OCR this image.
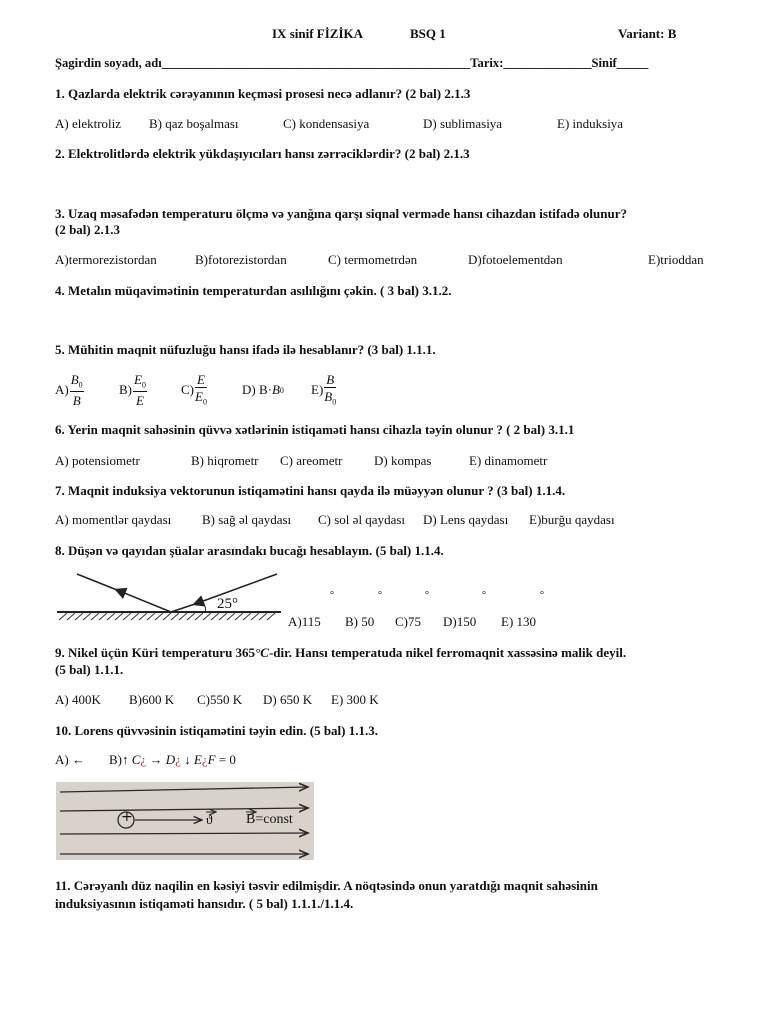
IX sinif FİZİKA	BSQ 1	Variant: B
Şagirdin soyadı, adı_________________________________________________Tarix:______________Sinif_____
1. Qazlarda elektrik cərəyanının keçməsi prosesi necə adlanır? (2 bal) 2.1.3
A) elektroliz B) qaz boşalması	C) kondensasiya	D) sublimasiya	E) induksiya
2. Elektrolitlərdə elektrik yükdaşıyıcıları hansı zərrəciklərdir? (2 bal) 2.1.3
3. Uzaq məsafədən temperaturu ölçmə və yanğına qarşı siqnal verməde hansı cihazdan istifadə olunur?
(2 bal) 2.1.3
A)termorezistordan	B)fotorezistordan	C) termometrdən	D)fotoelementdən	E)trioddan
4. Metalın müqavimətinin temperaturdan asılılığını çəkin. ( 3 bal) 3.1.2.
5. Mühitin maqnit nüfuzluğu hansı ifadə ilə hesablanır? (3 bal) 1.1.1.
$A) \frac{B_0}{B}$	$B) \frac{E_0}{E}$	$C) \frac{E}{E_0}$	D) B· B 0 $E) \frac{B}{B_0}$
6. Yerin maqnit sahəsinin qüvvə xətlərinin istiqaməti hansı cihazla təyin olunur ? ( 2 bal) 3.1.1
A) potensiometr	B) hiqrometr C) areometr D) kompas	E) dinamometr
7. Maqnit induksiya vektorunun istiqamətini hansı qayda ilə müəyyən olunur ? (3 bal) 1.1.4.
A) momentlər qaydası B) sağ əl qaydası C) sol əl qaydası D) Lens qaydası E)burğu qaydası
8. Düşən və qayıdan şüalar arasındakı bucağı hesablayın. (5 bal) 1.1.4.
25°
°	°	°	°	°
A)115 B) 50 C)75 D)150 E) 130
9. Nikel üçün Küri temperaturu 365°C-dir. Hansı temperatuda nikel ferromaqnit xassəsinə malik deyil.
(5 bal) 1.1.1.
A) 400K B)600 K C)550 K D) 650 K E) 300 K
10. Lorens qüvvəsinin istiqamətini təyin edin. (5 bal) 1.1.3.
A) ← B)↑ C¿ → D¿ ↓ E¿F = 0
+	ϑ B=const
11. Cərəyanlı düz naqilin en kəsiyi təsvir edilmişdir. A nöqtəsində onun yaratdığı maqnit sahəsinin
induksiyasının istiqaməti hansıdır. ( 5 bal) 1.1.1./1.1.4.
